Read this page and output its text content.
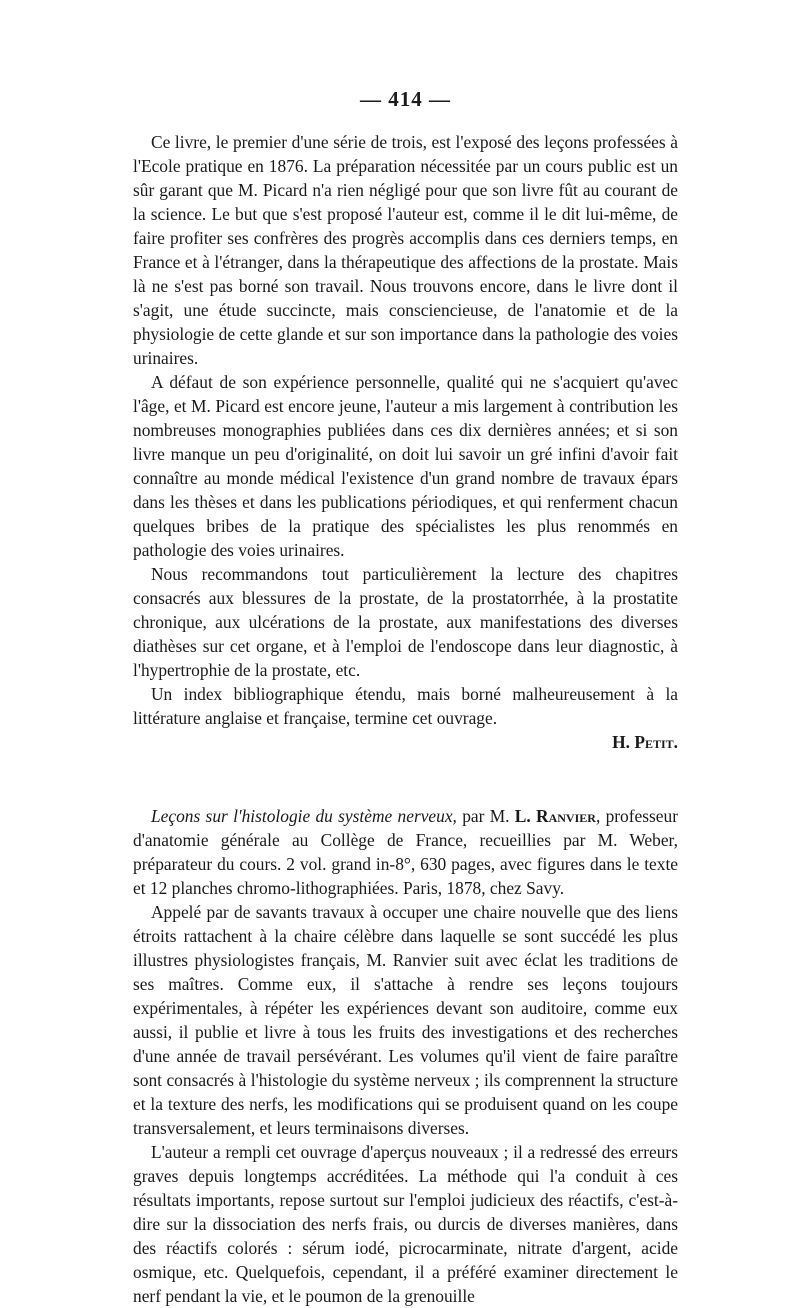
— 414 —

Ce livre, le premier d'une série de trois, est l'exposé des leçons professées à l'Ecole pratique en 1876. La préparation nécessitée par un cours public est un sûr garant que M. Picard n'a rien négligé pour que son livre fût au courant de la science. Le but que s'est proposé l'auteur est, comme il le dit lui-même, de faire profiter ses confrères des progrès accomplis dans ces derniers temps, en France et à l'étranger, dans la thérapeutique des affections de la prostate. Mais là ne s'est pas borné son travail. Nous trouvons encore, dans le livre dont il s'agit, une étude succincte, mais consciencieuse, de l'anatomie et de la physiologie de cette glande et sur son importance dans la pathologie des voies urinaires.

A défaut de son expérience personnelle, qualité qui ne s'acquiert qu'avec l'âge, et M. Picard est encore jeune, l'auteur a mis largement à contribution les nombreuses monographies publiées dans ces dix dernières années; et si son livre manque un peu d'originalité, on doit lui savoir un gré infini d'avoir fait connaître au monde médical l'existence d'un grand nombre de travaux épars dans les thèses et dans les publications périodiques, et qui renferment chacun quelques bribes de la pratique des spécialistes les plus renommés en pathologie des voies urinaires.

Nous recommandons tout particulièrement la lecture des chapitres consacrés aux blessures de la prostate, de la prostatorrhée, à la prostatite chronique, aux ulcérations de la prostate, aux manifestations des diverses diathèses sur cet organe, et à l'emploi de l'endoscope dans leur diagnostic, à l'hypertrophie de la prostate, etc.

Un index bibliographique étendu, mais borné malheureusement à la littérature anglaise et française, termine cet ouvrage.

H. Petit.

Leçons sur l'histologie du système nerveux, par M. L. Ranvier, professeur d'anatomie générale au Collège de France, recueillies par M. Weber, préparateur du cours. 2 vol. grand in-8°, 630 pages, avec figures dans le texte et 12 planches chromo-lithographiées. Paris, 1878, chez Savy.

Appelé par de savants travaux à occuper une chaire nouvelle que des liens étroits rattachent à la chaire célèbre dans laquelle se sont succédé les plus illustres physiologistes français, M. Ranvier suit avec éclat les traditions de ses maîtres. Comme eux, il s'attache à rendre ses leçons toujours expérimentales, à répéter les expériences devant son auditoire, comme eux aussi, il publie et livre à tous les fruits des investigations et des recherches d'une année de travail persévérant. Les volumes qu'il vient de faire paraître sont consacrés à l'histologie du système nerveux ; ils comprennent la structure et la texture des nerfs, les modifications qui se produisent quand on les coupe transversalement, et leurs terminaisons diverses.

L'auteur a rempli cet ouvrage d'aperçus nouveaux ; il a redressé des erreurs graves depuis longtemps accréditées. La méthode qui l'a conduit à ces résultats importants, repose surtout sur l'emploi judicieux des réactifs, c'est-à-dire sur la dissociation des nerfs frais, ou durcis de diverses manières, dans des réactifs colorés : sérum iodé, picrocarminate, nitrate d'argent, acide osmique, etc. Quelquefois, cependant, il a préféré examiner directement le nerf pendant la vie, et le poumon de la grenouille
